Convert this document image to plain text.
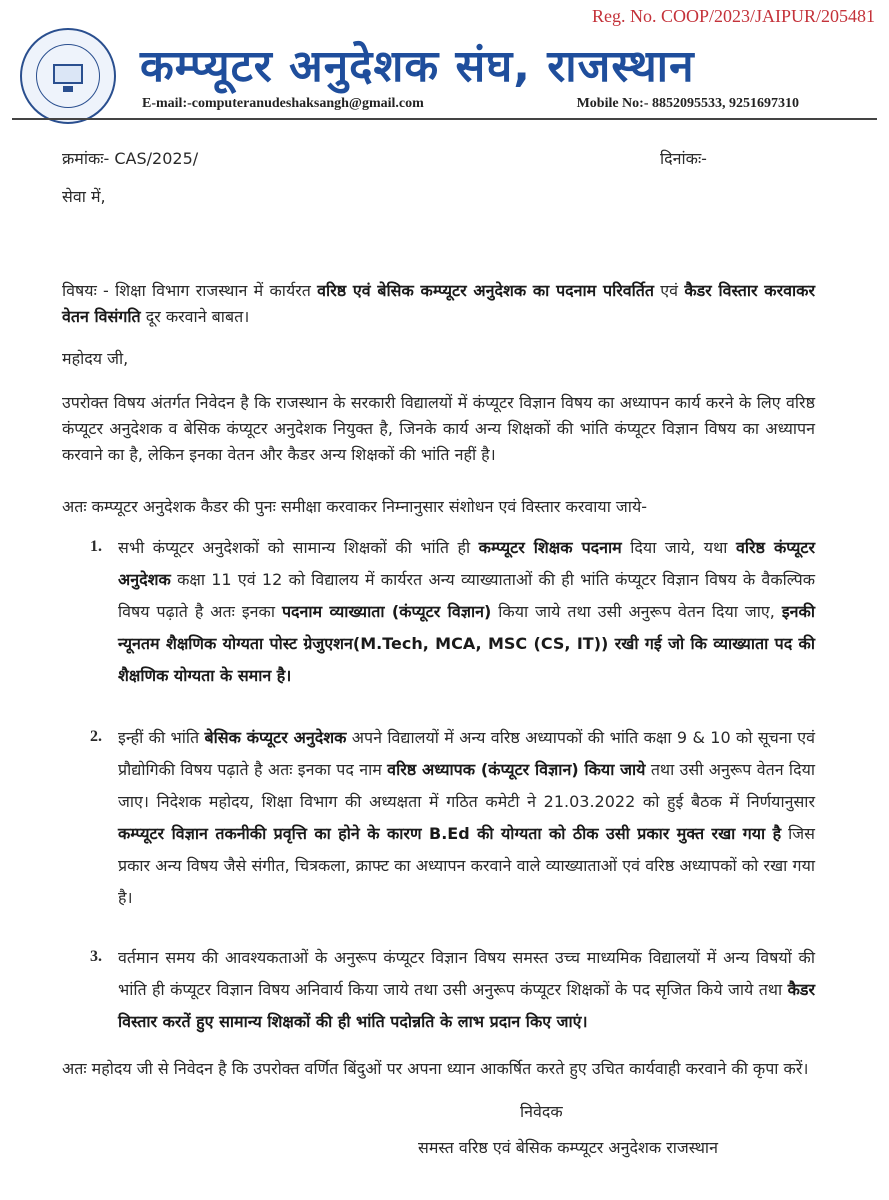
Reg. No. COOP/2023/JAIPUR/205481
कम्प्यूटर अनुदेशक संघ, राजस्थान
E-mail:-computeranudeshaksangh@gmail.com	Mobile No:- 8852095533, 9251697310
क्रमांकः- CAS/2025/	दिनांकः-
सेवा में,
विषयः - शिक्षा विभाग राजस्थान में कार्यरत वरिष्ठ एवं बेसिक कम्प्यूटर अनुदेशक का पदनाम परिवर्तित एवं कैडर विस्तार करवाकर वेतन विसंगति दूर करवाने बाबत।
महोदय जी,
उपरोक्त विषय अंतर्गत निवेदन है कि राजस्थान के सरकारी विद्यालयों में कंप्यूटर विज्ञान विषय का अध्यापन कार्य करने के लिए वरिष्ठ कंप्यूटर अनुदेशक व बेसिक कंप्यूटर अनुदेशक नियुक्त है, जिनके कार्य अन्य शिक्षकों की भांति कंप्यूटर विज्ञान विषय का अध्यापन करवाने का है, लेकिन इनका वेतन और कैडर अन्य शिक्षकों की भांति नहीं है।
अतः कम्प्यूटर अनुदेशक कैडर की पुनः समीक्षा करवाकर निम्नानुसार संशोधन एवं विस्तार करवाया जाये-
1. सभी कंप्यूटर अनुदेशकों को सामान्य शिक्षकों की भांति ही कम्प्यूटर शिक्षक पदनाम दिया जाये, यथा वरिष्ठ कंप्यूटर अनुदेशक कक्षा 11 एवं 12 को विद्यालय में कार्यरत अन्य व्याख्याताओं की ही भांति कंप्यूटर विज्ञान विषय के वैकल्पिक विषय पढ़ाते है अतः इनका पदनाम व्याख्याता (कंप्यूटर विज्ञान) किया जाये तथा उसी अनुरूप वेतन दिया जाए, इनकी न्यूनतम शैक्षणिक योग्यता पोस्ट ग्रेजुएशन(M.Tech, MCA, MSC (CS, IT)) रखी गई जो कि व्याख्याता पद की शैक्षणिक योग्यता के समान है।
2. इन्हीं की भांति बेसिक कंप्यूटर अनुदेशक अपने विद्यालयों में अन्य वरिष्ठ अध्यापकों की भांति कक्षा 9 & 10 को सूचना एवं प्रौद्योगिकी विषय पढ़ाते है अतः इनका पद नाम वरिष्ठ अध्यापक (कंप्यूटर विज्ञान) किया जाये तथा उसी अनुरूप वेतन दिया जाए। निदेशक महोदय, शिक्षा विभाग की अध्यक्षता में गठित कमेटी ने 21.03.2022 को हुई बैठक में निर्णयानुसार कम्प्यूटर विज्ञान तकनीकी प्रवृत्ति का होने के कारण B.Ed की योग्यता को ठीक उसी प्रकार मुक्त रखा गया है जिस प्रकार अन्य विषय जैसे संगीत, चित्रकला, क्राफ्ट का अध्यापन करवाने वाले व्याख्याताओं एवं वरिष्ठ अध्यापकों को रखा गया है।
3. वर्तमान समय की आवश्यकताओं के अनुरूप कंप्यूटर विज्ञान विषय समस्त उच्च माध्यमिक विद्यालयों में अन्य विषयों की भांति ही कंप्यूटर विज्ञान विषय अनिवार्य किया जाये तथा उसी अनुरूप कंप्यूटर शिक्षकों के पद सृजित किये जाये तथा कैडर विस्तार करतें हुए सामान्य शिक्षकों की ही भांति पदोन्नति के लाभ प्रदान किए जाएं।
अतः महोदय जी से निवेदन है कि उपरोक्त वर्णित बिंदुओं पर अपना ध्यान आकर्षित करते हुए उचित कार्यवाही करवाने की कृपा करें।
निवेदक
समस्त वरिष्ठ एवं बेसिक कम्प्यूटर अनुदेशक राजस्थान
